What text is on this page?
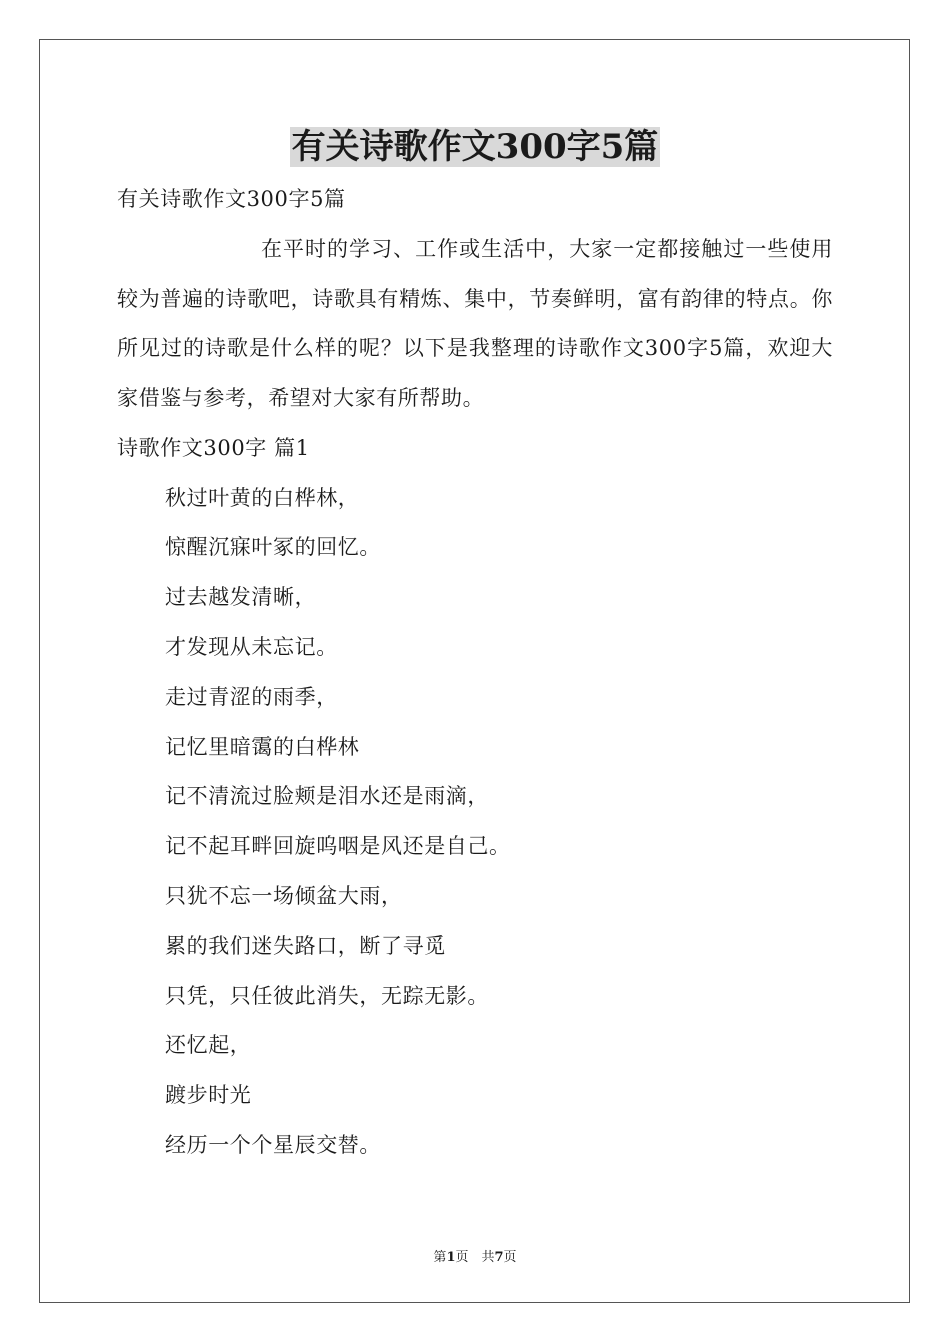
有关诗歌作文300字5篇
有关诗歌作文300字5篇
在平时的学习、工作或生活中，大家一定都接触过一些使用较为普遍的诗歌吧，诗歌具有精炼、集中，节奏鲜明，富有韵律的特点。你所见过的诗歌是什么样的呢？以下是我整理的诗歌作文300字5篇，欢迎大家借鉴与参考，希望对大家有所帮助。
诗歌作文300字 篇1
秋过叶黄的白桦林，
惊醒沉寐叶冢的回忆。
过去越发清晰，
才发现从未忘记。
走过青涩的雨季，
记忆里暗霭的白桦林
记不清流过脸颊是泪水还是雨滴，
记不起耳畔回旋呜咽是风还是自己。
只犹不忘一场倾盆大雨，
累的我们迷失路口，断了寻觅
只凭，只任彼此消失，无踪无影。
还忆起，
踱步时光
经历一个个星辰交替。
第1页　共7页
